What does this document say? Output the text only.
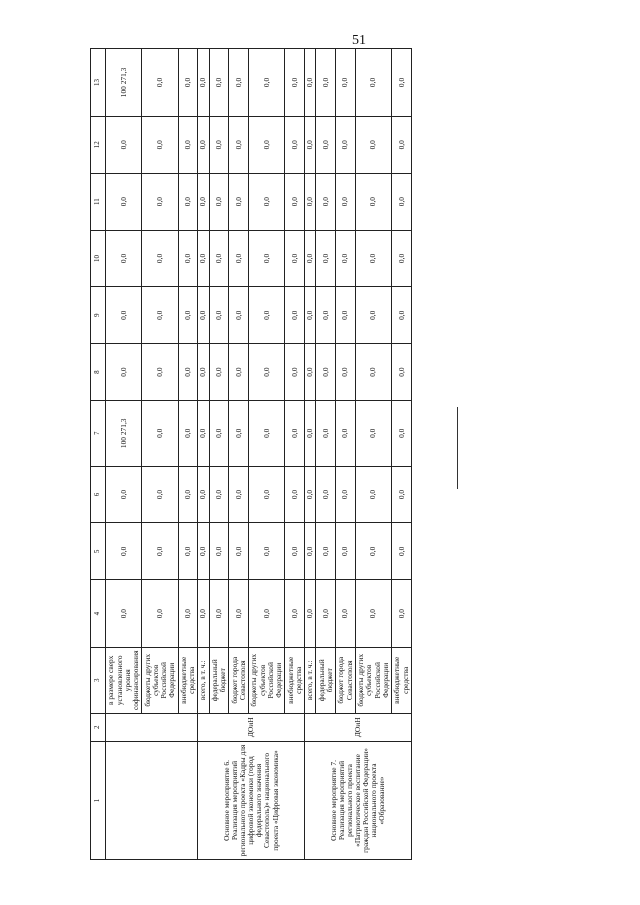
51
1	2	3	4	5	6	7	8	9	10	11	12	13
		в размере сверх установленного уровня софинансирования	0,0	0,0	0,0	100 271,3	0,0	0,0	0,0	0,0	0,0	100 271,3
		бюджеты других субъектов Российской Федерации	0,0	0,0	0,0	0,0	0,0	0,0	0,0	0,0	0,0	0,0
		внебюджетные средства	0,0	0,0	0,0	0,0	0,0	0,0	0,0	0,0	0,0	0,0
Основное мероприятие 6. Реализация мероприятий регионального проекта «Кадры для цифровой экономики (город федерального значения Севастополь)» национального проекта «Цифровая экономика»	ДОиН	всего, в т. ч.:	0,0	0,0	0,0	0,0	0,0	0,0	0,0	0,0	0,0	0,0
		федеральный бюджет	0,0	0,0	0,0	0,0	0,0	0,0	0,0	0,0	0,0	0,0
		бюджет города Севастополя	0,0	0,0	0,0	0,0	0,0	0,0	0,0	0,0	0,0	0,0
		бюджеты других субъектов Российской Федерации	0,0	0,0	0,0	0,0	0,0	0,0	0,0	0,0	0,0	0,0
		внебюджетные средства	0,0	0,0	0,0	0,0	0,0	0,0	0,0	0,0	0,0	0,0
Основное мероприятие 7. Реализация мероприятий регионального проекта «Патриотическое воспитание граждан Российской Федерации» национального проекта «Образование»	ДОиН	всего, в т. ч.:	0,0	0,0	0,0	0,0	0,0	0,0	0,0	0,0	0,0	0,0
		федеральный бюджет	0,0	0,0	0,0	0,0	0,0	0,0	0,0	0,0	0,0	0,0
		бюджет города Севастополя	0,0	0,0	0,0	0,0	0,0	0,0	0,0	0,0	0,0	0,0
		бюджеты других субъектов Российской Федерации	0,0	0,0	0,0	0,0	0,0	0,0	0,0	0,0	0,0	0,0
		внебюджетные средства	0,0	0,0	0,0	0,0	0,0	0,0	0,0	0,0	0,0	0,0
